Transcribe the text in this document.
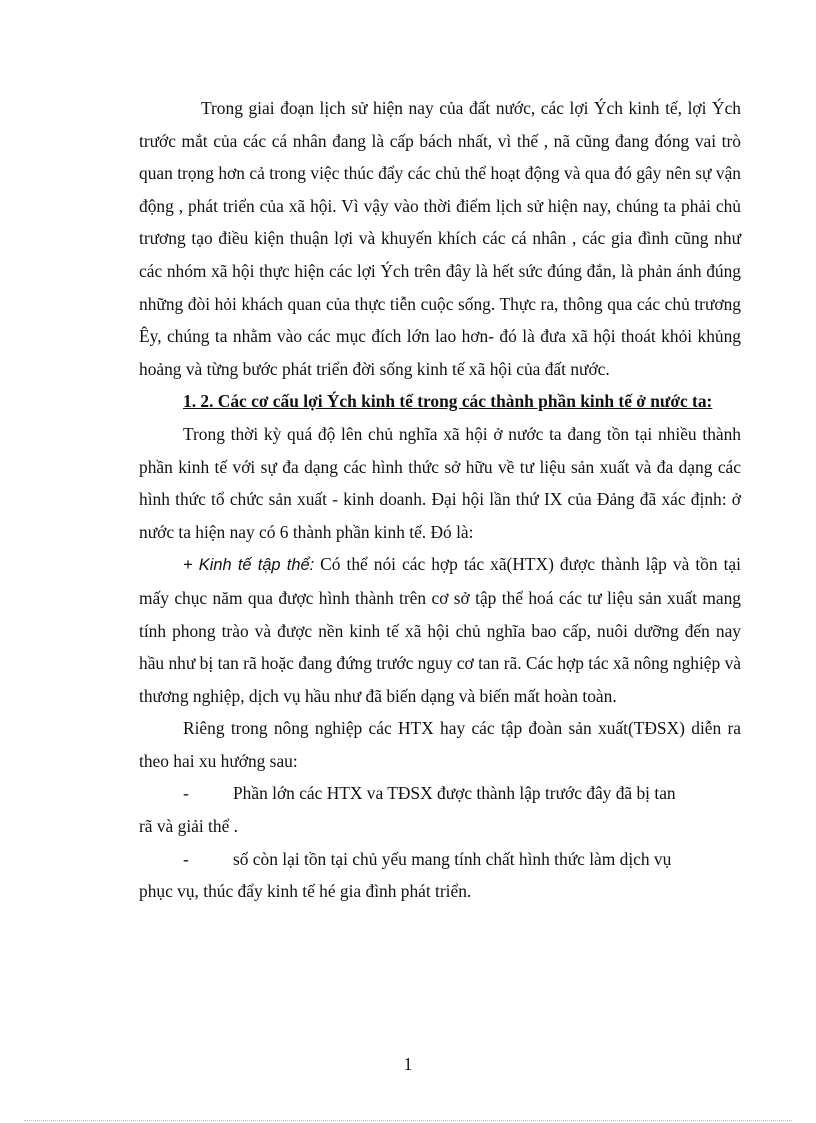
Trong giai đoạn lịch sử hiện nay của đất nước, các lợi Ých kinh tế, lợi Ých trước mắt của các cá nhân đang là cấp bách nhất, vì thế , nã cũng đang đóng vai trò quan trọng hơn cả trong việc thúc đẩy các chủ thể hoạt động và qua đó gây nên sự vận động , phát triển của xã hội. Vì vậy vào thời điểm lịch sử hiện nay, chúng ta phải chủ trương tạo điều kiện thuận lợi và khuyến khích các cá nhân , các gia đình cũng như các nhóm xã hội thực hiện các lợi Ých trên đây là hết sức đúng đắn, là phản ánh đúng những đòi hỏi khách quan của thực tiễn cuộc sống. Thực ra, thông qua các chủ trương Êy, chúng ta nhằm vào các mục đích lớn lao hơn- đó là đưa xã hội thoát khỏi khủng hoảng và từng bước phát triển đời sống kinh tế xã hội của đất nước.

1. 2. Các cơ cấu lợi Ých kinh tế trong các thành phần kinh tế ở nước ta:

Trong thời kỳ quá độ lên chủ nghĩa xã hội ở nước ta đang tồn tại nhiều thành phần kinh tế với sự đa dạng các hình thức sở hữu về tư liệu sản xuất và đa dạng các hình thức tổ chức sản xuất - kinh doanh. Đại hội lần thứ IX của Đảng đã xác định: ở nước ta hiện nay có 6 thành phần kinh tế. Đó là:

+ Kinh tế tập thể: Có thể nói các hợp tác xã(HTX) được thành lập và tồn tại mấy chục năm qua được hình thành trên cơ sở tập thể hoá các tư liệu sản xuất mang tính phong trào và được nền kinh tế xã hội chủ nghĩa bao cấp, nuôi dưỡng đến nay hầu như bị tan rã hoặc đang đứng trước nguy cơ tan rã. Các hợp tác xã nông nghiệp và thương nghiệp, dịch vụ hầu như đã biến dạng và biến mất hoàn toàn.

Riêng trong nông nghiệp các HTX hay các tập đoàn sản xuất(TĐSX) diễn ra theo hai xu hướng sau:

-	Phần lớn các HTX va TĐSX được thành lập trước đây đã bị tan

rã và giải thể .

-	số còn lại tồn tại chủ yếu mang tính chất hình thức làm dịch vụ

phục vụ, thúc đẩy kinh tế hé gia đình phát triển.

1
